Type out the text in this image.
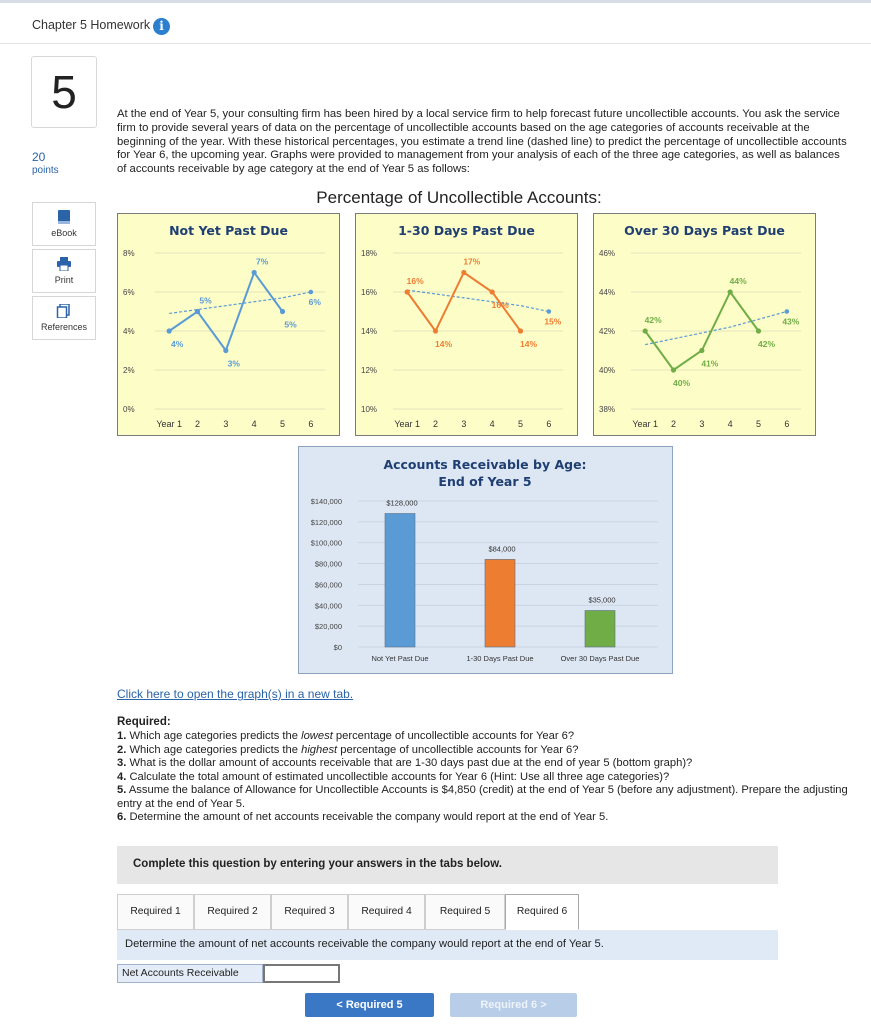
Chapter 5 Homework i
5
20
points
eBook
Print
References

At the end of Year 5, your consulting firm has been hired by a local service firm to help forecast future uncollectible accounts. You ask the service firm to provide several years of data on the percentage of uncollectible accounts based on the age categories of accounts receivable at the beginning of the year. With these historical percentages, you estimate a trend line (dashed line) to predict the percentage of uncollectible accounts for Year 6, the upcoming year. Graphs were provided to management from your analysis of each of the three age categories, as well as balances of accounts receivable by age category at the end of Year 5 as follows:

Percentage of Uncollectible Accounts:
Not Yet Past Due
0%
2%
4%
6%
8%
Year 1 2	3	4	5	6
4%
5%
3%
7%
5%
6%
1-30 Days Past Due
10%
12%
14%
16%
18%
Year 1 2	3	4	5	6
16%
14%
17%
16%
14%
15%
Over 30 Days Past Due
38%
40%
42%
44%
46%
Year 1 2	3	4	5	6
42%
40%
41%
44%
42%
43%
Accounts Receivable by Age:
End of Year 5
$0
$20,000
$40,000
$60,000
$80,000
$100,000
$120,000
$140,000	$128,000
Not Yet Past Due
$84,000
1-30 Days Past Due
$35,000
Over 30 Days Past Due
Click here to open the graph(s) in a new tab.
Required:
1. Which age categories predicts the lowest percentage of uncollectible accounts for Year 6?
2. Which age categories predicts the highest percentage of uncollectible accounts for Year 6?
3. What is the dollar amount of accounts receivable that are 1-30 days past due at the end of year 5 (bottom graph)?
4. Calculate the total amount of estimated uncollectible accounts for Year 6 (Hint: Use all three age categories)?
5. Assume the balance of Allowance for Uncollectible Accounts is $4,850 (credit) at the end of Year 5 (before any adjustment). Prepare the adjusting entry at the end of Year 5.
6. Determine the amount of net accounts receivable the company would report at the end of Year 5.
Complete this question by entering your answers in the tabs below.
Required 1	Required 2	Required 3	Required 4	Required 5	Required 6
Determine the amount of net accounts receivable the company would report at the end of Year 5.
Net Accounts Receivable
< Required 5	Required 6 >
